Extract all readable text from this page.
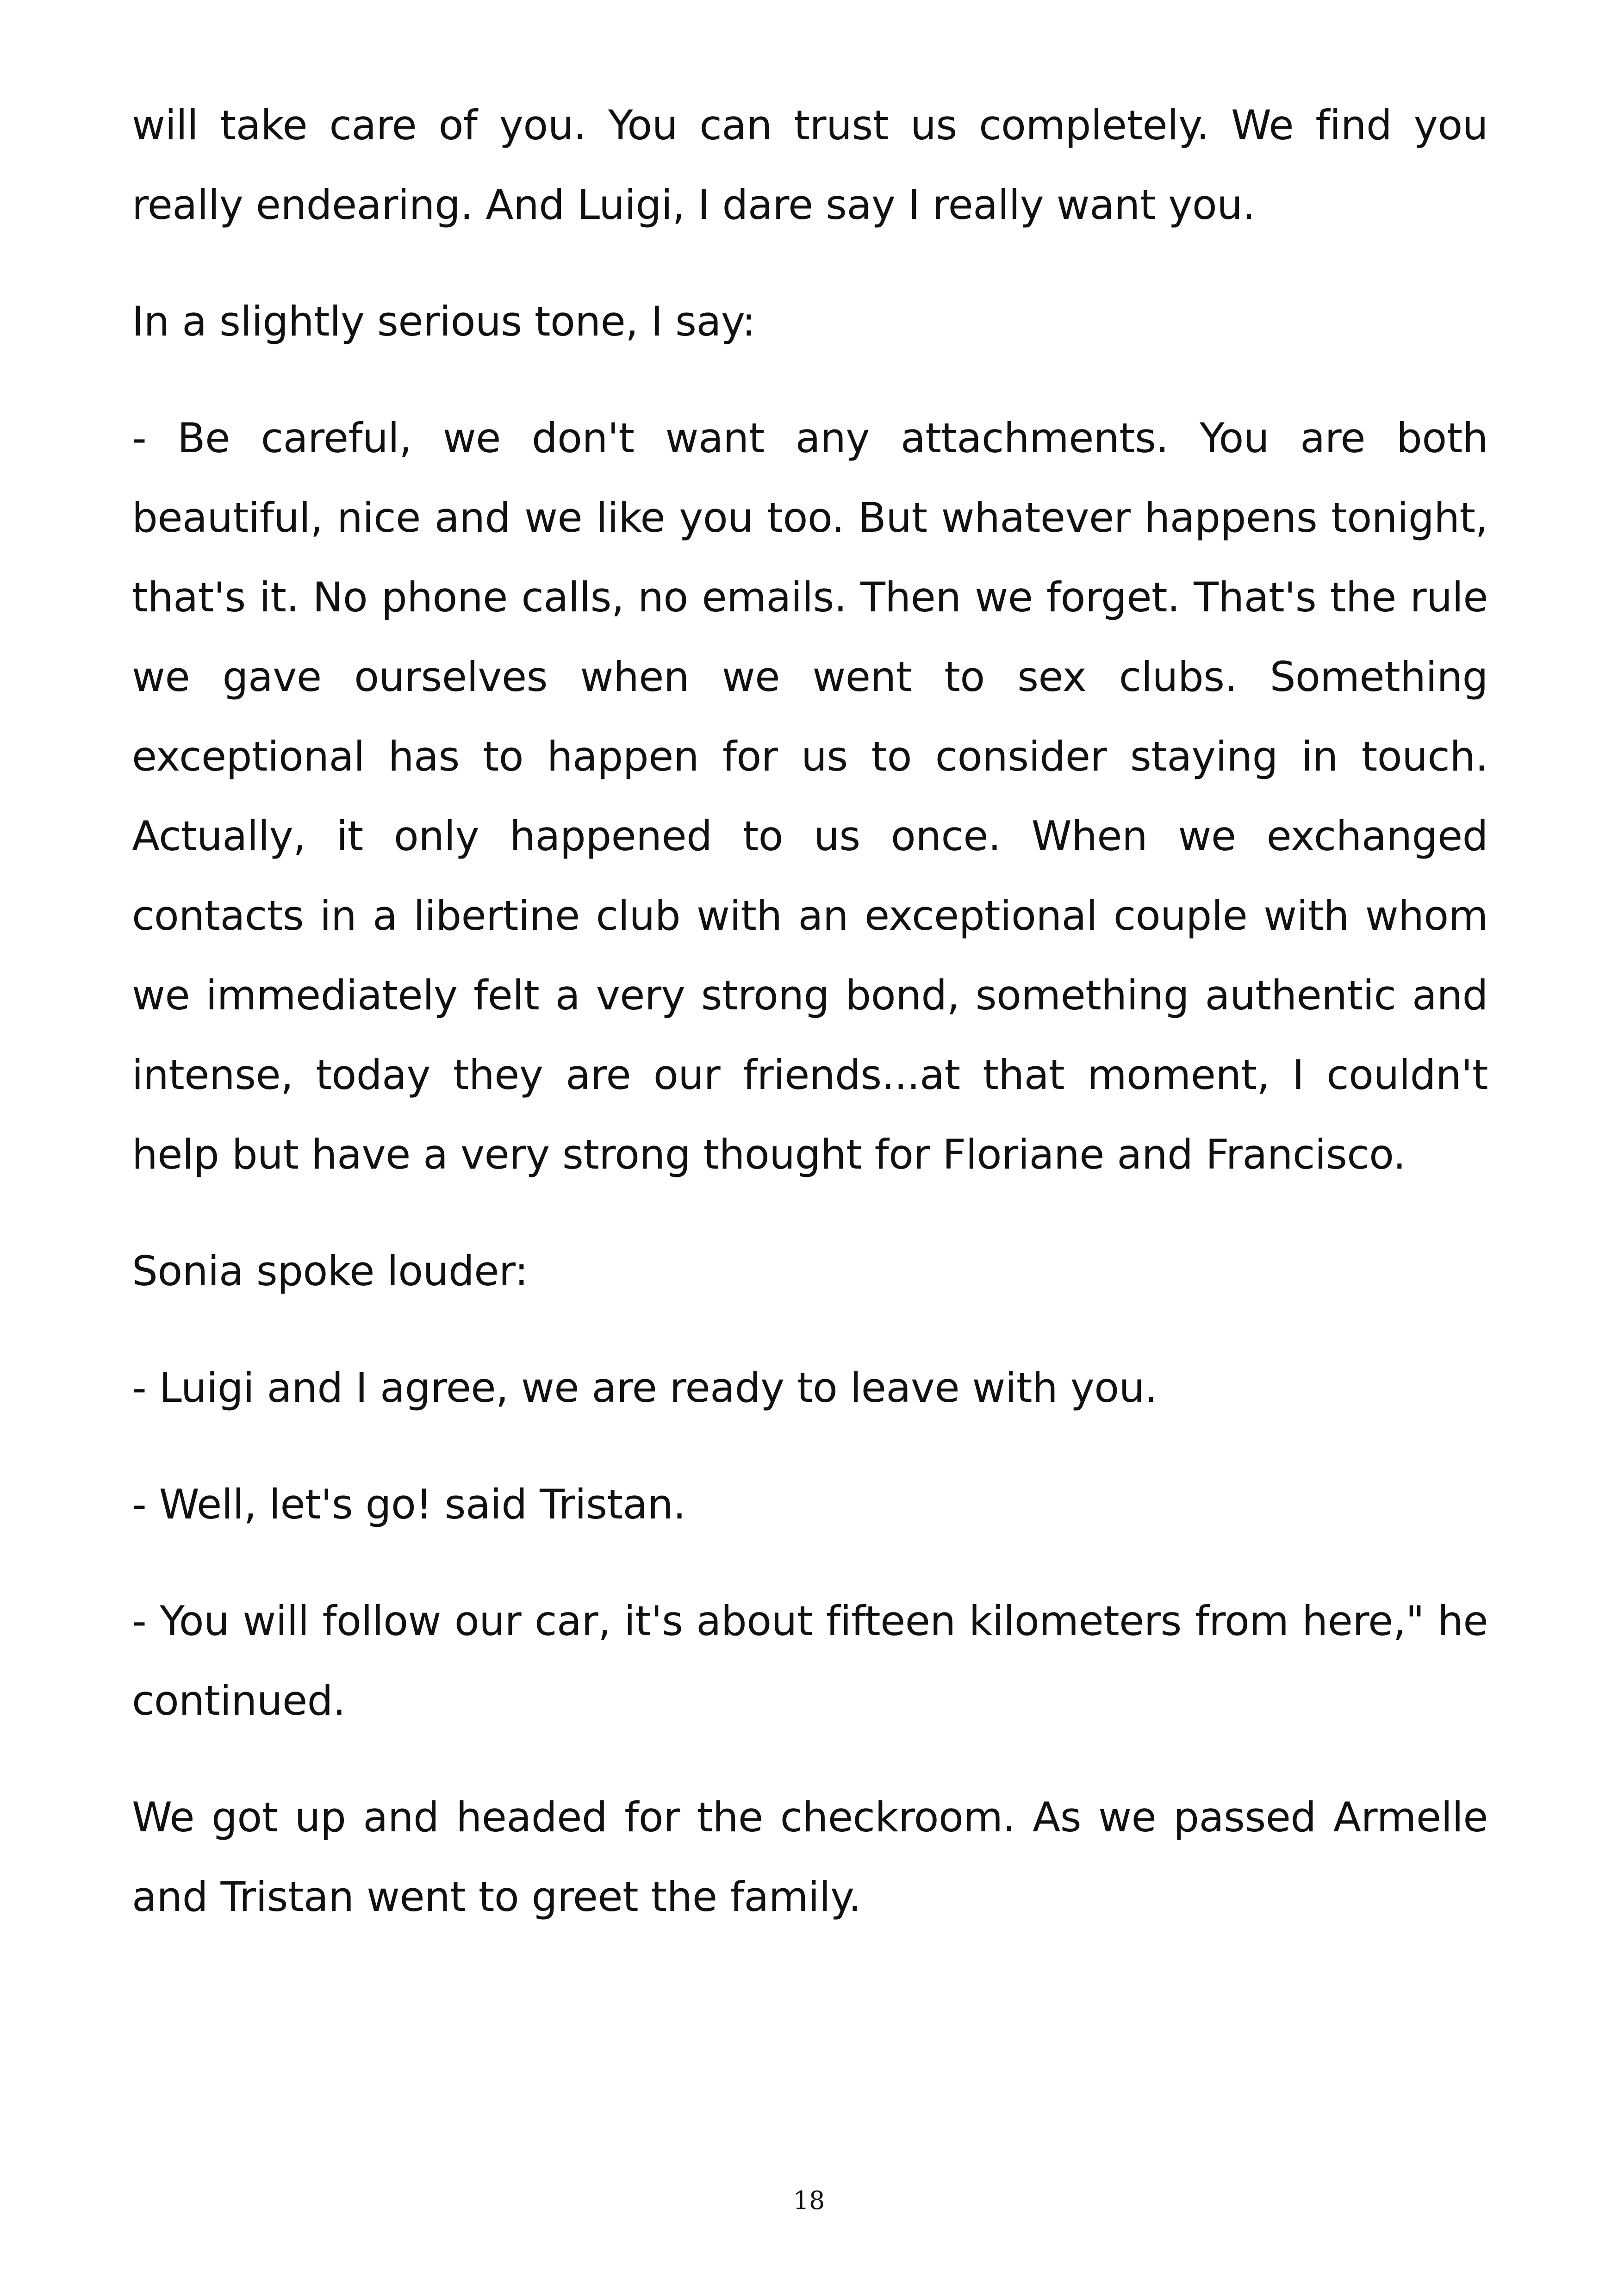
will take care of you. You can trust us completely. We find you really endearing. And Luigi, I dare say I really want you.

In a slightly serious tone, I say:

- Be careful, we don't want any attachments. You are both beautiful, nice and we like you too. But whatever happens tonight, that's it. No phone calls, no emails. Then we forget. That's the rule we gave ourselves when we went to sex clubs. Something exceptional has to happen for us to consider staying in touch. Actually, it only happened to us once. When we exchanged contacts in a libertine club with an exceptional couple with whom we immediately felt a very strong bond, something authentic and intense, today they are our friends...at that moment, I couldn't help but have a very strong thought for Floriane and Francisco.

Sonia spoke louder:

- Luigi and I agree, we are ready to leave with you.

- Well, let's go! said Tristan.

- You will follow our car, it's about fifteen kilometers from here," he continued.

We got up and headed for the checkroom. As we passed Armelle and Tristan went to greet the family.

18
